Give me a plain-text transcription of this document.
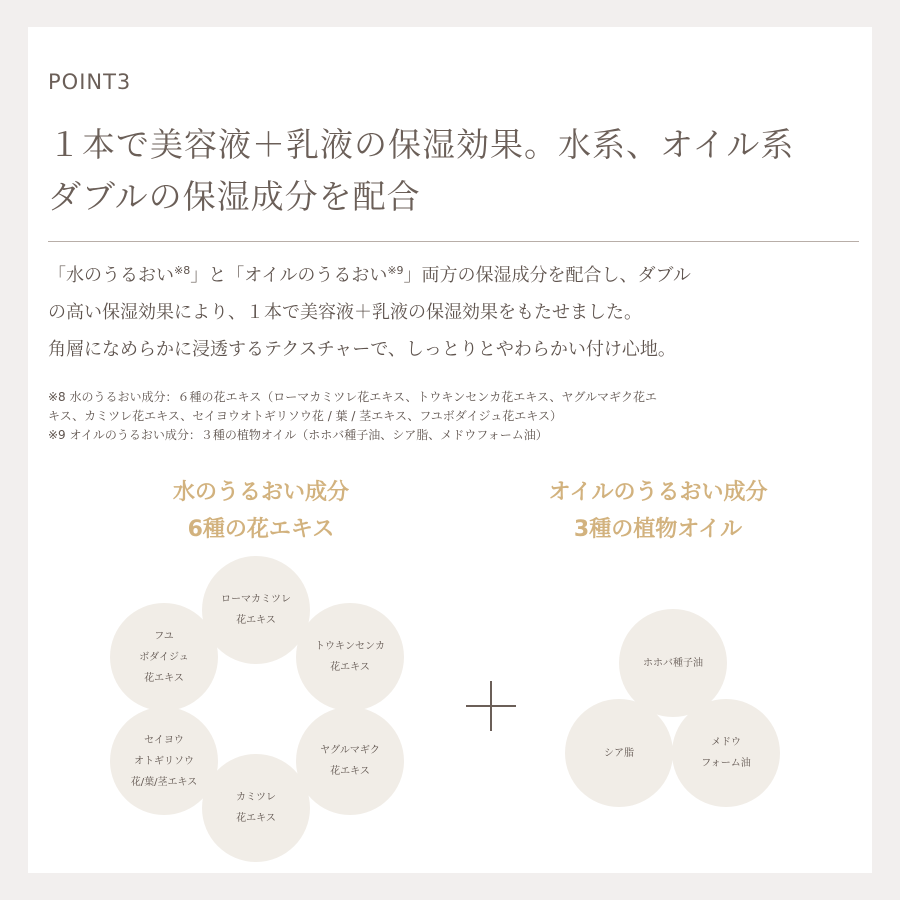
POINT3
１本で美容液＋乳液の保湿効果。水系、オイル系
ダブルの保湿成分を配合
「水のうるおい$^{※8}$」と「オイルのうるおい$^{※9}$」両方の保湿成分を配合し、ダブル
の高い保湿効果により、１本で美容液＋乳液の保湿効果をもたせました。
角層になめらかに浸透するテクスチャーで、しっとりとやわらかい付け心地。
※8 水のうるおい成分：６種の花エキス（ローマカミツレ花エキス、トウキンセンカ花エキス、ヤグルマギク花エ
キス、カミツレ花エキス、セイヨウオトギリソウ花 / 葉 / 茎エキス、フユボダイジュ花エキス）
※9 オイルのうるおい成分：３種の植物オイル（ホホバ種子油、シア脂、メドウフォーム油）
水のうるおい成分
6種の花エキス
オイルのうるおい成分
3種の植物オイル
ローマカミツレ
花エキス
トウキンセンカ
花エキス
ヤグルマギク
花エキス
カミツレ
花エキス
セイヨウ
オトギリソウ
花/葉/茎エキス
フユ
ボダイジュ
花エキス
ホホバ種子油
メドウ
フォーム油
シア脂
